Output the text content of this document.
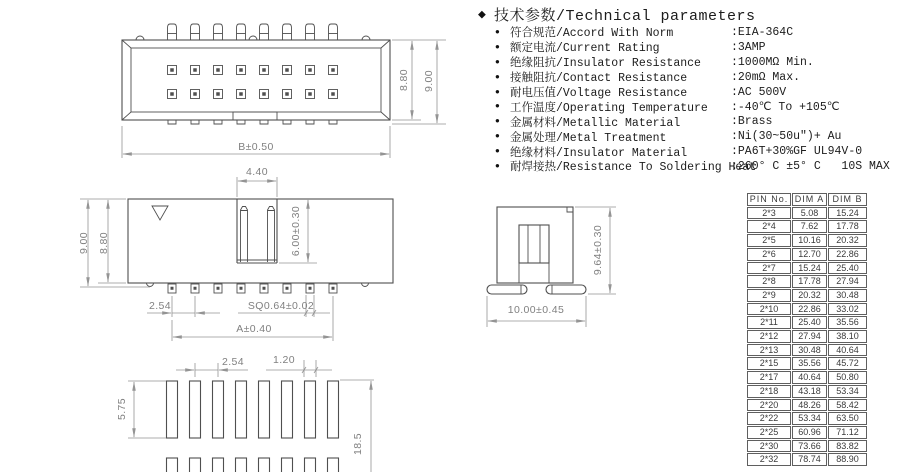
B±0.50
8.80 9.00
4.40
6.00±0.30
9.00 8.80
2.54	SQ0.64±0.02
A±0.40
9.64±0.30
10.00±0.45
2.54	1.20
5.75
18.5
◆ 技术参数/Technical parameters
● 符合规范/Accord With Norm	:EIA-364C
● 额定电流/Current Rating	:3AMP
● 绝缘阻抗/Insulator Resistance	:1000MΩ Min.
● 接触阻抗/Contact Resistance	:20mΩ Max.
● 耐电压值/Voltage Resistance	:AC 500V
● 工作温度/Operating Temperature :-40℃ To +105℃
● 金属材料/Metallic Material	:Brass
● 金属处理/Metal Treatment	:Ni(30~50u")+ Au
● 绝缘材料/Insulator Material	:PA6T+30%GF UL94V-0
● 耐焊接热/Resistance To Soldering Heat
:260° C ±5° C   10S MAX
PIN No.	DIM A	DIM B
2*3	5.08	15.24
2*4	7.62	17.78
2*5	10.16	20.32
2*6	12.70	22.86
2*7	15.24	25.40
2*8	17.78	27.94
2*9	20.32	30.48
2*10	22.86	33.02
2*11	25.40	35.56
2*12	27.94	38.10
2*13	30.48	40.64
2*15	35.56	45.72
2*17	40.64	50.80
2*18	43.18	53.34
2*20	48.26	58.42
2*22	53.34	63.50
2*25	60.96	71.12
2*30	73.66	83.82
2*32	78.74	88.90
